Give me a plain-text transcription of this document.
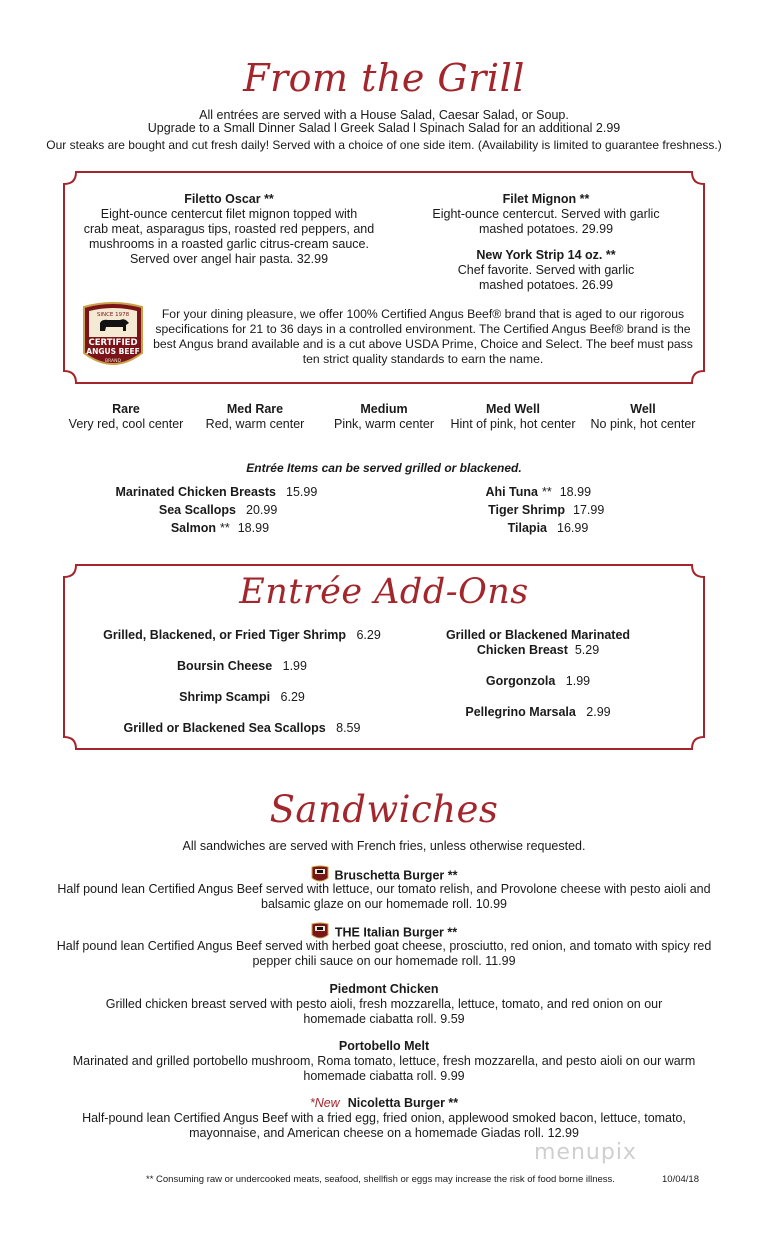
From the Grill
All entrées are served with a House Salad, Caesar Salad, or Soup.
Upgrade to a Small Dinner Salad l Greek Salad l Spinach Salad for an additional 2.99
Our steaks are bought and cut fresh daily! Served with a choice of one side item. (Availability is limited to guarantee freshness.)
Filetto Oscar **
Eight-ounce centercut filet mignon topped with
crab meat, asparagus tips, roasted red peppers, and
mushrooms in a roasted garlic citrus-cream sauce.
Served over angel hair pasta. 32.99
Filet Mignon **
Eight-ounce centercut. Served with garlic
mashed potatoes. 29.99
New York Strip 14 oz. **
Chef favorite. Served with garlic
mashed potatoes. 26.99
SINCE 1978
CERTIFIED
ANGUS BEEF
BRAND
For your dining pleasure, we offer 100% Certified Angus Beef® brand that is aged to our rigorous
specifications for 21 to 36 days in a controlled environment. The Certified Angus Beef® brand is the
best Angus brand available and is a cut above USDA Prime, Choice and Select. The beef must pass
ten strict quality standards to earn the name.
Rare
Very red, cool center
Med Rare
Red, warm center
Medium
Pink, warm center
Med Well
Hint of pink, hot center
Well
No pink, hot center
Entrée Items can be served grilled or blackened.
Marinated Chicken Breasts 15.99
Sea Scallops 20.99
Salmon ** 18.99
Ahi Tuna ** 18.99
Tiger Shrimp 17.99
Tilapia 16.99
Entrée Add-Ons
Grilled, Blackened, or Fried Tiger Shrimp 6.29
Boursin Cheese 1.99
Shrimp Scampi 6.29
Grilled or Blackened Sea Scallops 8.59
Grilled or Blackened Marinated
Chicken Breast 5.29
Gorgonzola 1.99
Pellegrino Marsala 2.99
Sandwiches
All sandwiches are served with French fries, unless otherwise requested.
Bruschetta Burger **
Half pound lean Certified Angus Beef served with lettuce, our tomato relish, and Provolone cheese with pesto aioli and
balsamic glaze on our homemade roll. 10.99
THE Italian Burger **
Half pound lean Certified Angus Beef served with herbed goat cheese, prosciutto, red onion, and tomato with spicy red
pepper chili sauce on our homemade roll. 11.99
Piedmont Chicken
Grilled chicken breast served with pesto aioli, fresh mozzarella, lettuce, tomato, and red onion on our
homemade ciabatta roll. 9.59
Portobello Melt
Marinated and grilled portobello mushroom, Roma tomato, lettuce, fresh mozzarella, and pesto aioli on our warm
homemade ciabatta roll. 9.99
*New Nicoletta Burger **
Half-pound lean Certified Angus Beef with a fried egg, fried onion, applewood smoked bacon, lettuce, tomato,
mayonnaise, and American cheese on a homemade Giadas roll. 12.99
menupix
** Consuming raw or undercooked meats, seafood, shellfish or eggs may increase the risk of food borne illness.	10/04/18
